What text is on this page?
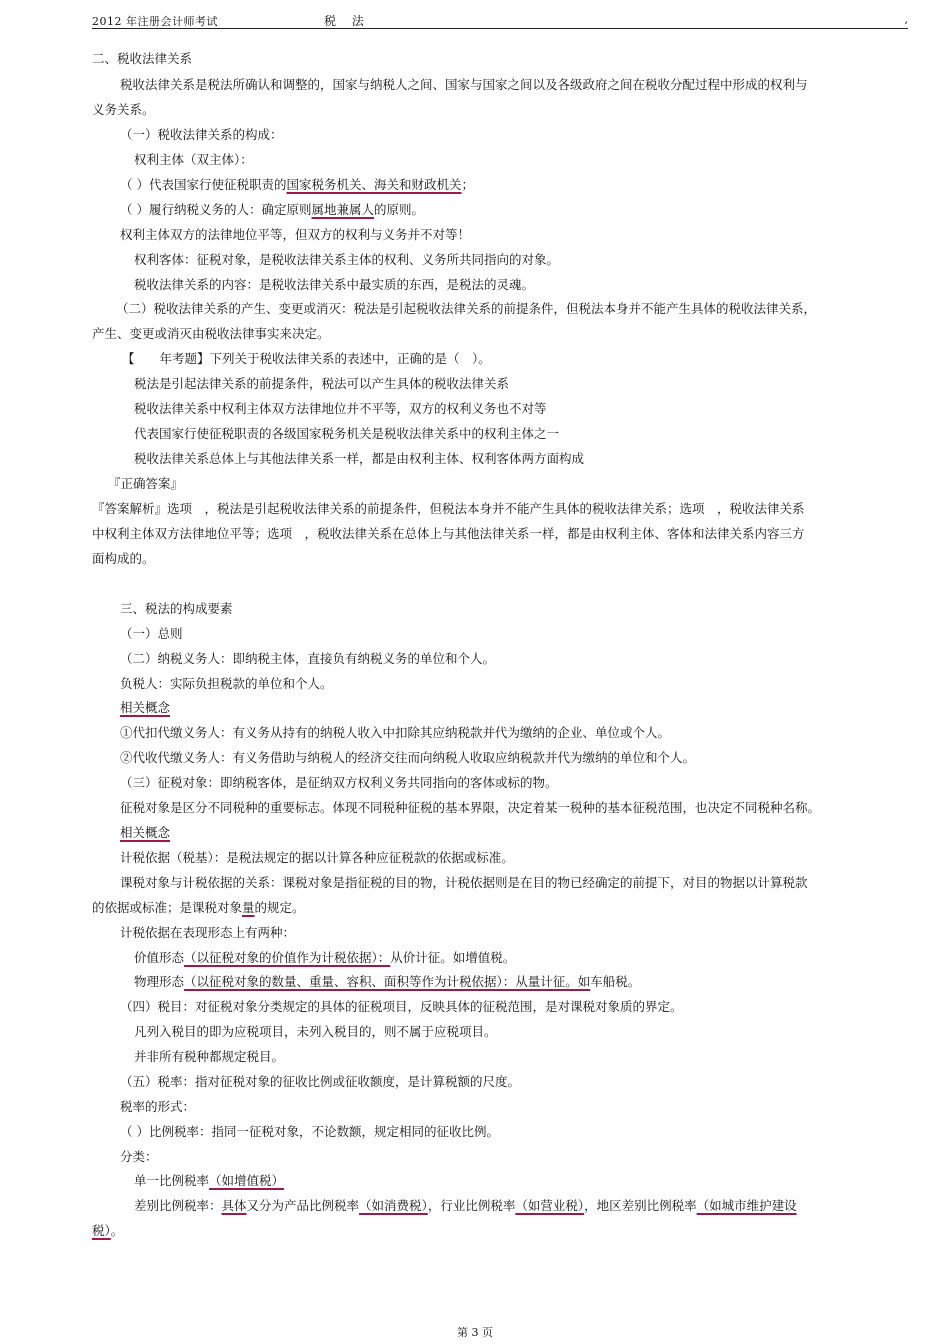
2012 年注册会计师考试	税 法	,
二、税收法律关系
税收法律关系是税法所确认和调整的，国家与纳税人之间、国家与国家之间以及各级政府之间在税收分配过程中形成的权利与
义务关系。
（一）税收法律关系的构成：
权利主体（双主体）：
（ ）代表国家行使征税职责的国家税务机关、海关和财政机关；
（ ）履行纳税义务的人：确定原则属地兼属人的原则。
权利主体双方的法律地位平等，但双方的权利与义务并不对等！
权利客体：征税对象，是税收法律关系主体的权利、义务所共同指向的对象。
税收法律关系的内容：是税收法律关系中最实质的东西，是税法的灵魂。
（二）税收法律关系的产生、变更或消灭：税法是引起税收法律关系的前提条件，但税法本身并不能产生具体的税收法律关系，
产生、变更或消灭由税收法律事实来决定。
【　　年考题】下列关于税收法律关系的表述中，正确的是（　）。
税法是引起法律关系的前提条件，税法可以产生具体的税收法律关系
税收法律关系中权利主体双方法律地位并不平等，双方的权利义务也不对等
代表国家行使征税职责的各级国家税务机关是税收法律关系中的权利主体之一
税收法律关系总体上与其他法律关系一样，都是由权利主体、权利客体两方面构成
『正确答案』
『答案解析』选项　，税法是引起税收法律关系的前提条件，但税法本身并不能产生具体的税收法律关系；选项　，税收法律关系
中权利主体双方法律地位平等；选项　，税收法律关系在总体上与其他法律关系一样，都是由权利主体、客体和法律关系内容三方
面构成的。
三、税法的构成要素
（一）总则
（二）纳税义务人：即纳税主体，直接负有纳税义务的单位和个人。
负税人：实际负担税款的单位和个人。
相关概念
①代扣代缴义务人：有义务从持有的纳税人收入中扣除其应纳税款并代为缴纳的企业、单位或个人。
②代收代缴义务人：有义务借助与纳税人的经济交往而向纳税人收取应纳税款并代为缴纳的单位和个人。
（三）征税对象：即纳税客体，是征纳双方权利义务共同指向的客体或标的物。
征税对象是区分不同税种的重要标志。体现不同税种征税的基本界限，决定着某一税种的基本征税范围，也决定不同税种名称。
相关概念
计税依据（税基）：是税法规定的据以计算各种应征税款的依据或标准。
课税对象与计税依据的关系：课税对象是指征税的目的物，计税依据则是在目的物已经确定的前提下，对目的物据以计算税款
的依据或标准；是课税对象量的规定。
计税依据在表现形态上有两种：
价值形态（以征税对象的价值作为计税依据）：从价计征。如增值税。
物理形态（以征税对象的数量、重量、容积、面积等作为计税依据）：从量计征。如车船税。
（四）税目：对征税对象分类规定的具体的征税项目，反映具体的征税范围，是对课税对象质的界定。
凡列入税目的即为应税项目，未列入税目的，则不属于应税项目。
并非所有税种都规定税目。
（五）税率：指对征税对象的征收比例或征收额度，是计算税额的尺度。
税率的形式：
（ ）比例税率：指同一征税对象，不论数额，规定相同的征收比例。
分类：
单一比例税率（如增值税）
差别比例税率：具体又分为产品比例税率（如消费税），行业比例税率（如营业税），地区差别比例税率（如城市维护建设
税）。
第 3 页
